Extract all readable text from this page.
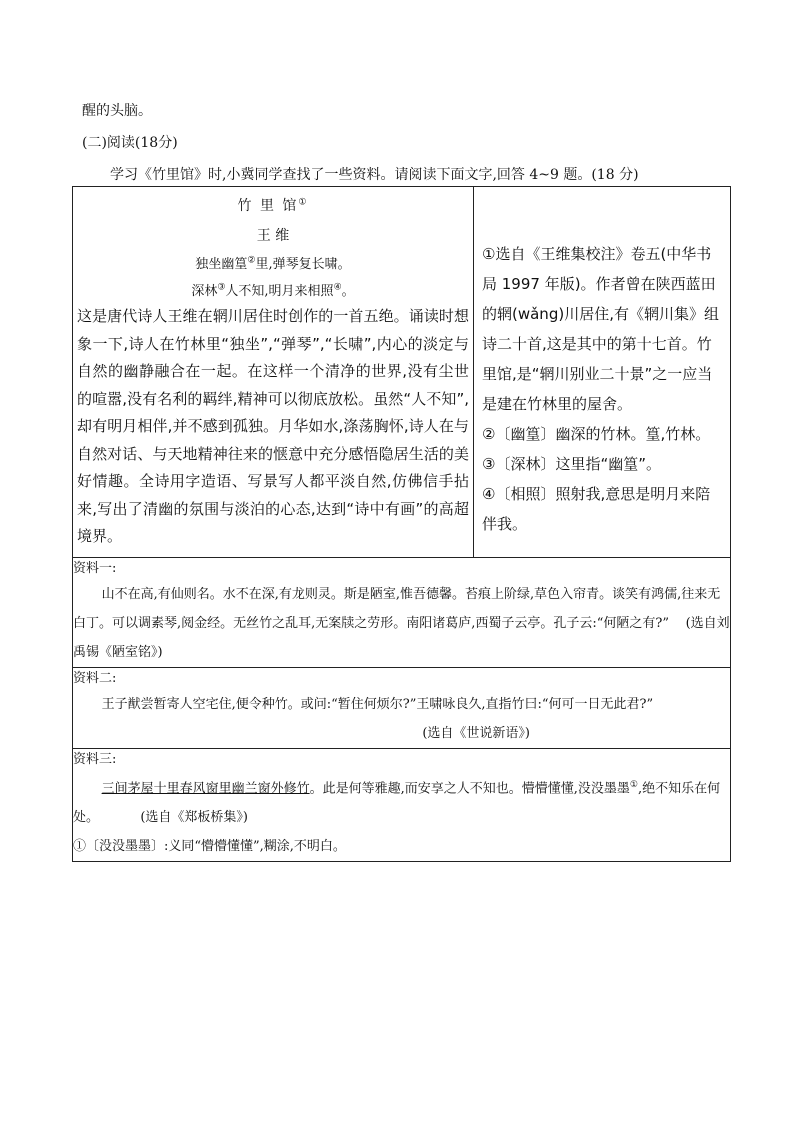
醒的头脑。
(二)阅读(18分)
学习《竹里馆》时,小冀同学查找了一些资料。请阅读下面文字,回答 4~9 题。(18 分)
竹 里 馆①
王 维
独坐幽篁②里,弹琴复长啸。
深林③人不知,明月来相照④。
这是唐代诗人王维在辋川居住时创作的一首五绝。诵读时想象一下,诗人在竹林里“独坐”,“弹琴”,“长啸”,内心的淡定与自然的幽静融合在一起。在这样一个清净的世界,没有尘世的喧嚣,没有名利的羁绊,精神可以彻底放松。虽然“人不知”,却有明月相伴,并不感到孤独。月华如水,涤荡胸怀,诗人在与自然对话、与天地精神往来的惬意中充分感悟隐居生活的美好情趣。全诗用字造语、写景写人都平淡自然,仿佛信手拈来,写出了清幽的氛围与淡泊的心态,达到“诗中有画”的高超境界。

①选自《王维集校注》卷五(中华书局 1997 年版)。作者曾在陕西蓝田的辋(wǎng)川居住,有《辋川集》组诗二十首,这是其中的第十七首。竹里馆,是“辋川别业二十景”之一应当是建在竹林里的屋舍。

②〔幽篁〕幽深的竹林。篁,竹林。

③〔深林〕这里指“幽篁”。

④〔相照〕照射我,意思是明月来陪伴我。

资料一:
山不在高,有仙则名。水不在深,有龙则灵。斯是陋室,惟吾德馨。苔痕上阶绿,草色入帘青。谈笑有鸿儒,往来无白丁。可以调素琴,阅金经。无丝竹之乱耳,无案牍之劳形。南阳诸葛庐,西蜀子云亭。孔子云:“何陋之有?” (选自刘禹锡《陋室铭》)

资料二:
王子猷尝暂寄人空宅住,便令种竹。或问:“暂住何烦尔?”王啸咏良久,直指竹曰:“何可一日无此君?”
(选自《世说新语》)

资料三:
三间茅屋十里春风窗里幽兰窗外修竹。此是何等雅趣,而安享之人不知也。懵懵懂懂,没没墨墨①,绝不知乐在何处。	(选自《郑板桥集》)
①〔没没墨墨〕:义同“懵懵懂懂”,糊涂,不明白。
